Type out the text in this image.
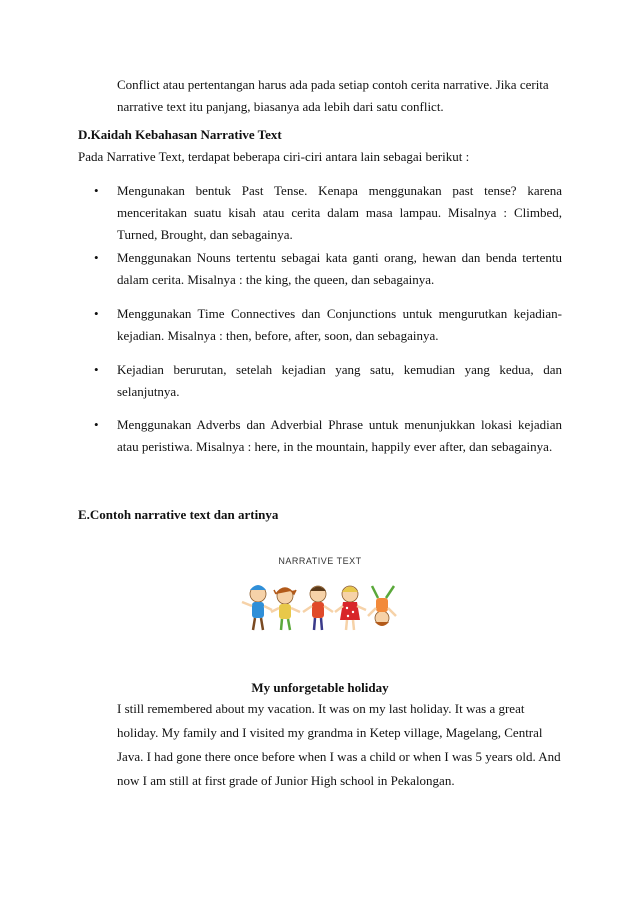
Conflict atau pertentangan harus ada pada setiap contoh cerita narrative. Jika cerita

narrative text itu panjang, biasanya ada lebih dari satu conflict.

D.Kaidah Kebahasan Narrative Text

Pada Narrative Text, terdapat beberapa ciri-ciri antara lain sebagai berikut :

• Mengunakan bentuk Past Tense. Kenapa menggunakan past tense? karena menceritakan suatu kisah atau cerita dalam masa lampau. Misalnya : Climbed, Turned, Brought, dan sebagainya.
• Menggunakan Nouns tertentu sebagai kata ganti orang, hewan dan benda tertentu dalam cerita. Misalnya : the king, the queen, dan sebagainya.
• Menggunakan Time Connectives dan Conjunctions untuk mengurutkan kejadian-kejadian. Misalnya : then, before, after, soon, dan sebagainya.
• Kejadian berurutan, setelah kejadian yang satu, kemudian yang kedua, dan selanjutnya.
• Menggunakan Adverbs dan Adverbial Phrase untuk menunjukkan lokasi kejadian atau peristiwa. Misalnya : here, in the mountain, happily ever after, dan sebagainya.
E.Contoh narrative text dan artinya
NARRATIVE TEXT
My unforgetable holiday

I still remembered about my vacation. It was on my last holiday. It was a great

holiday. My family and I visited my grandma in Ketep village, Magelang, Central

Java. I had gone there once before when I was a child or when I was 5 years old. And

now I am still at first grade of Junior High school in Pekalongan.
